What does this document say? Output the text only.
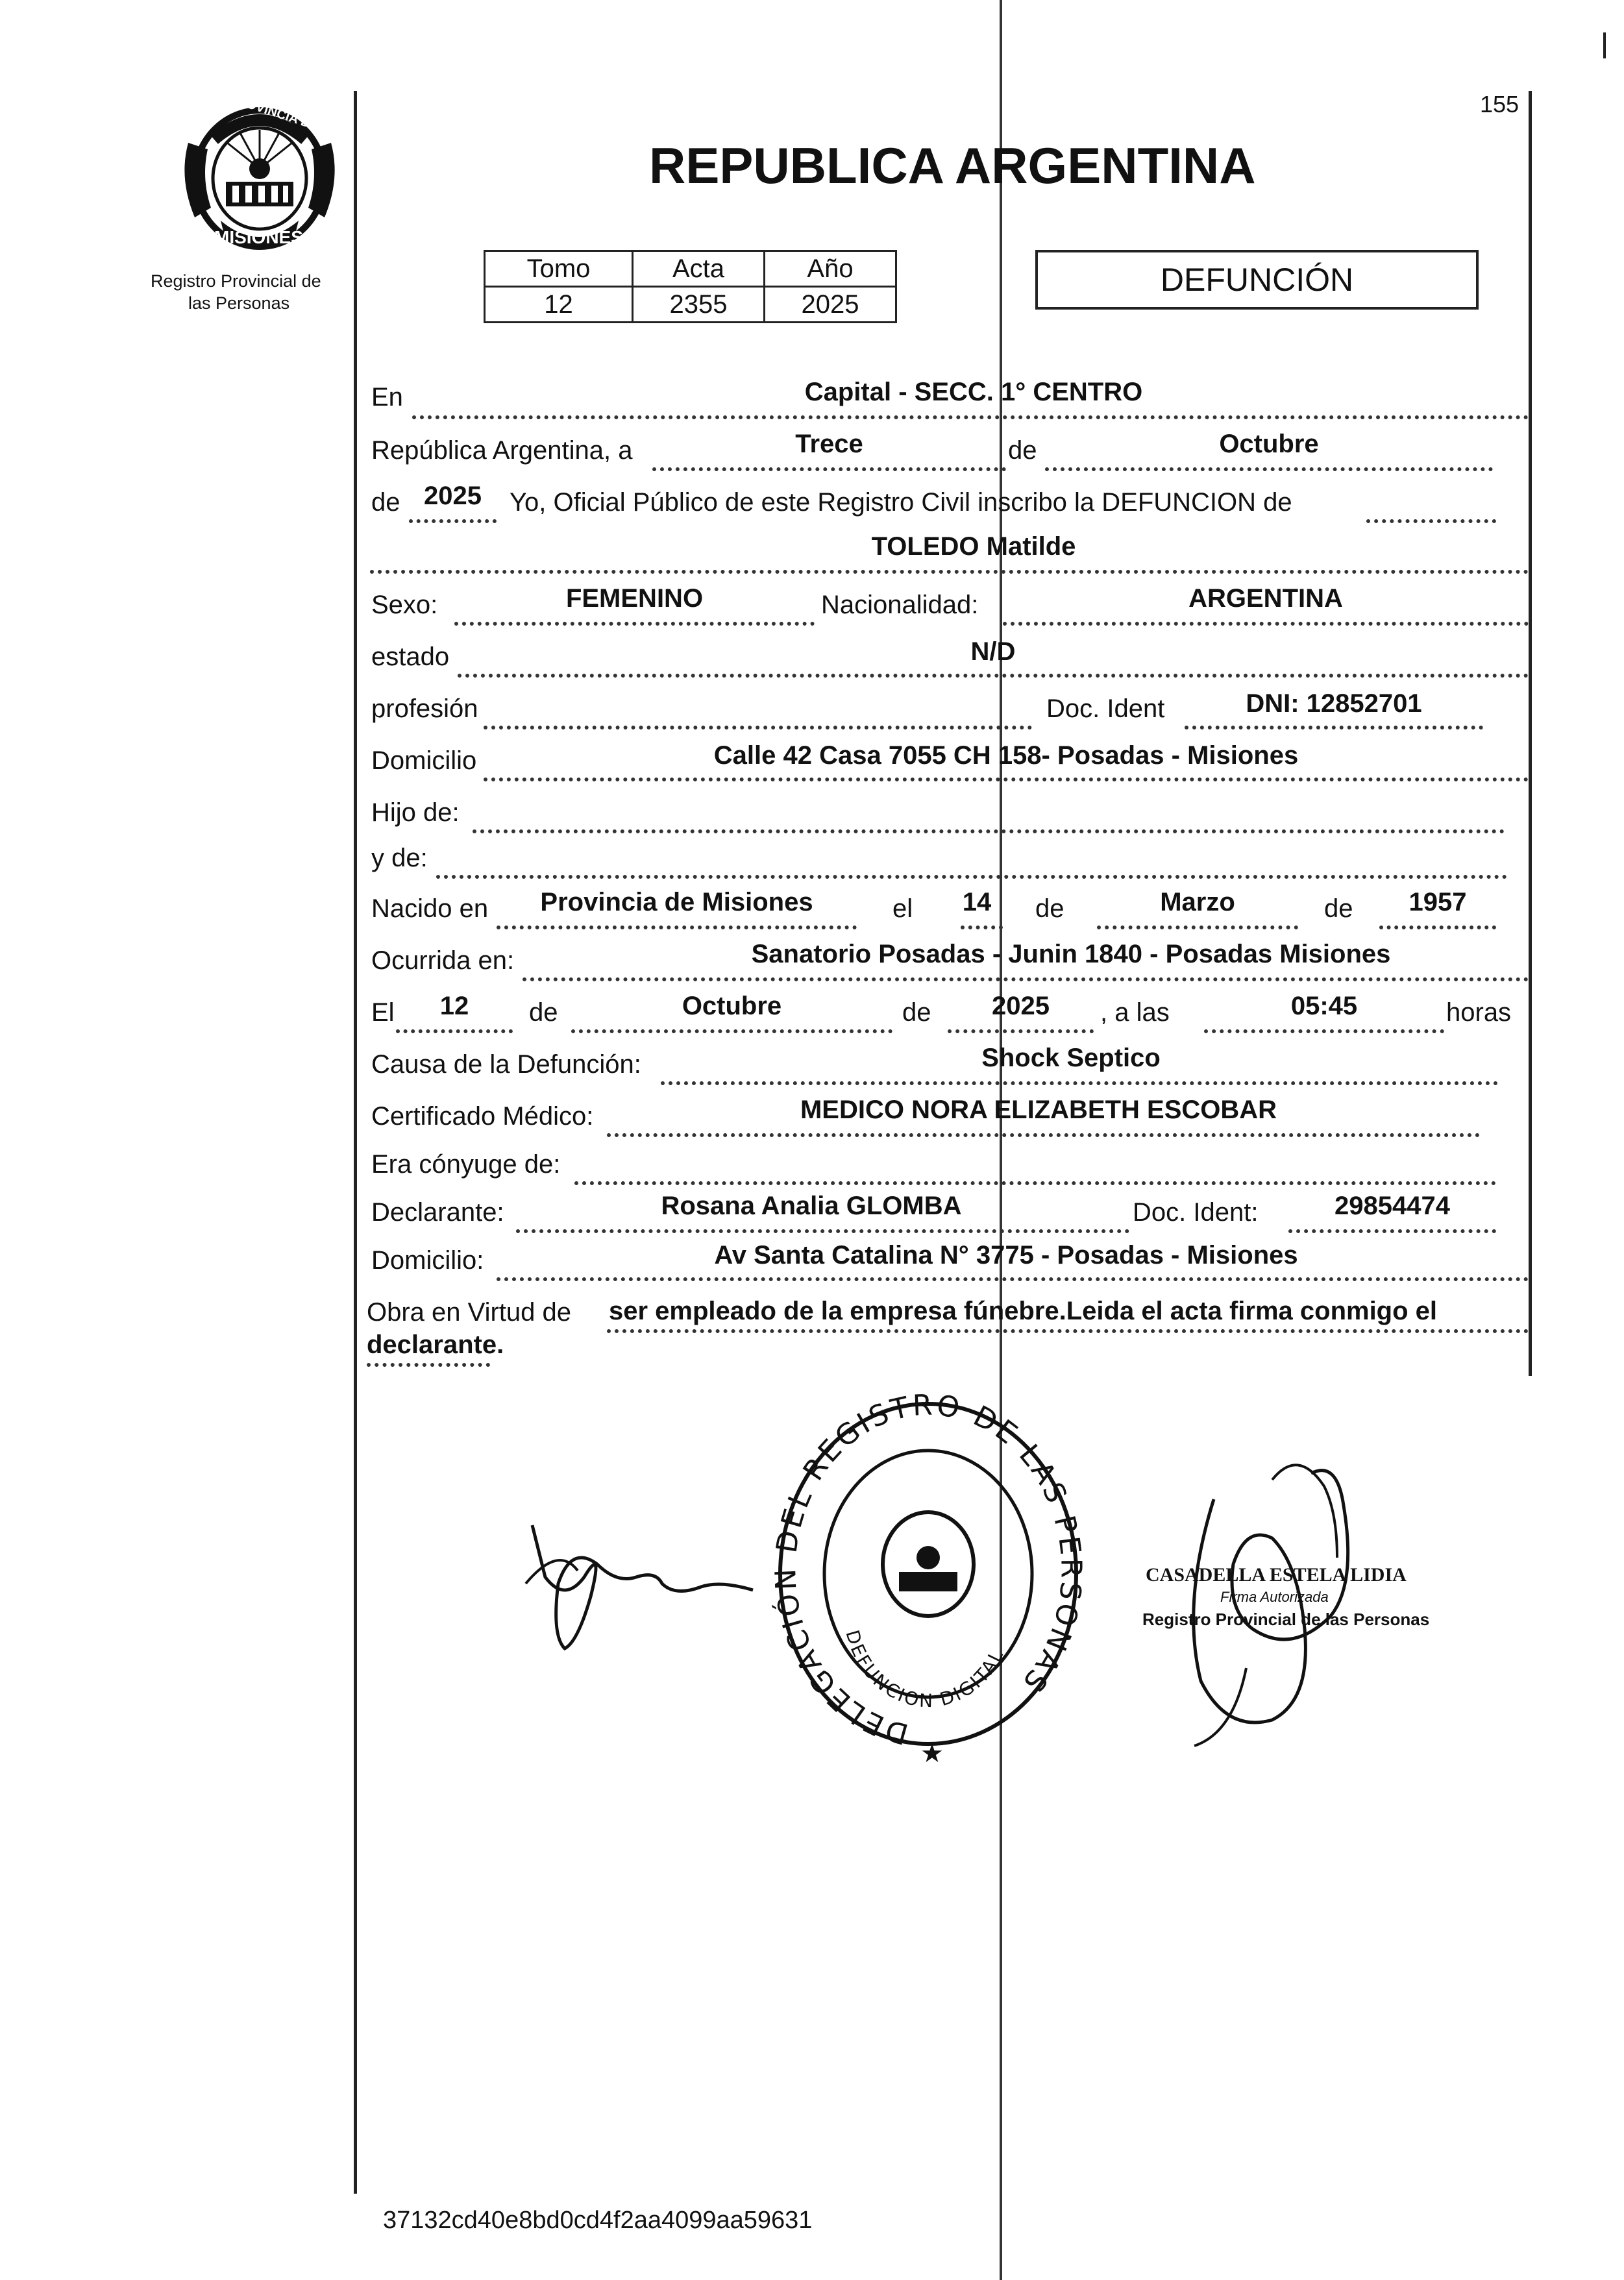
155
PROVINCIA DE
MISIONES
Registro Provincial de
las Personas
REPUBLICA ARGENTINA
Tomo	Acta	Año
12	2355	2025
DEFUNCIÓN
En	Capital - SECC. 1° CENTRO
República Argentina, a	Trece	de	Octubre
de 2025	Yo, Oficial Público de este Registro Civil inscribo la DEFUNCION de
TOLEDO Matilde
Sexo:	FEMENINO	Nacionalidad:	ARGENTINA
estado	N/D
profesión	Doc. Ident	DNI: 12852701
Domicilio	Calle 42 Casa 7055 CH 158- Posadas - Misiones
Hijo de:
y de:
Nacido en	Provincia de Misiones	el	14	de	Marzo	de	1957
Ocurrida en:	Sanatorio Posadas - Junin 1840 - Posadas Misiones
El	12	de	Octubre	de	2025	, a las	05:45	horas
Causa de la Defunción:	Shock Septico
Certificado Médico:	MEDICO NORA ELIZABETH ESCOBAR
Era cónyuge de:
Declarante:	Rosana Analia GLOMBA	Doc. Ident:	29854474
Domicilio:	Av Santa Catalina N° 3775 - Posadas - Misiones
Obra en Virtud de ser empleado de la empresa fúnebre.Leida el acta firma conmigo el
declarante.
DELEGACIÓN DEL REGISTRO DE LAS PERSONAS
DEFUNCION DIGITAL
★
CASADELLA ESTELA LIDIA
Firma Autorizada
Registro Provincial de las Personas
37132cd40e8bd0cd4f2aa4099aa59631
